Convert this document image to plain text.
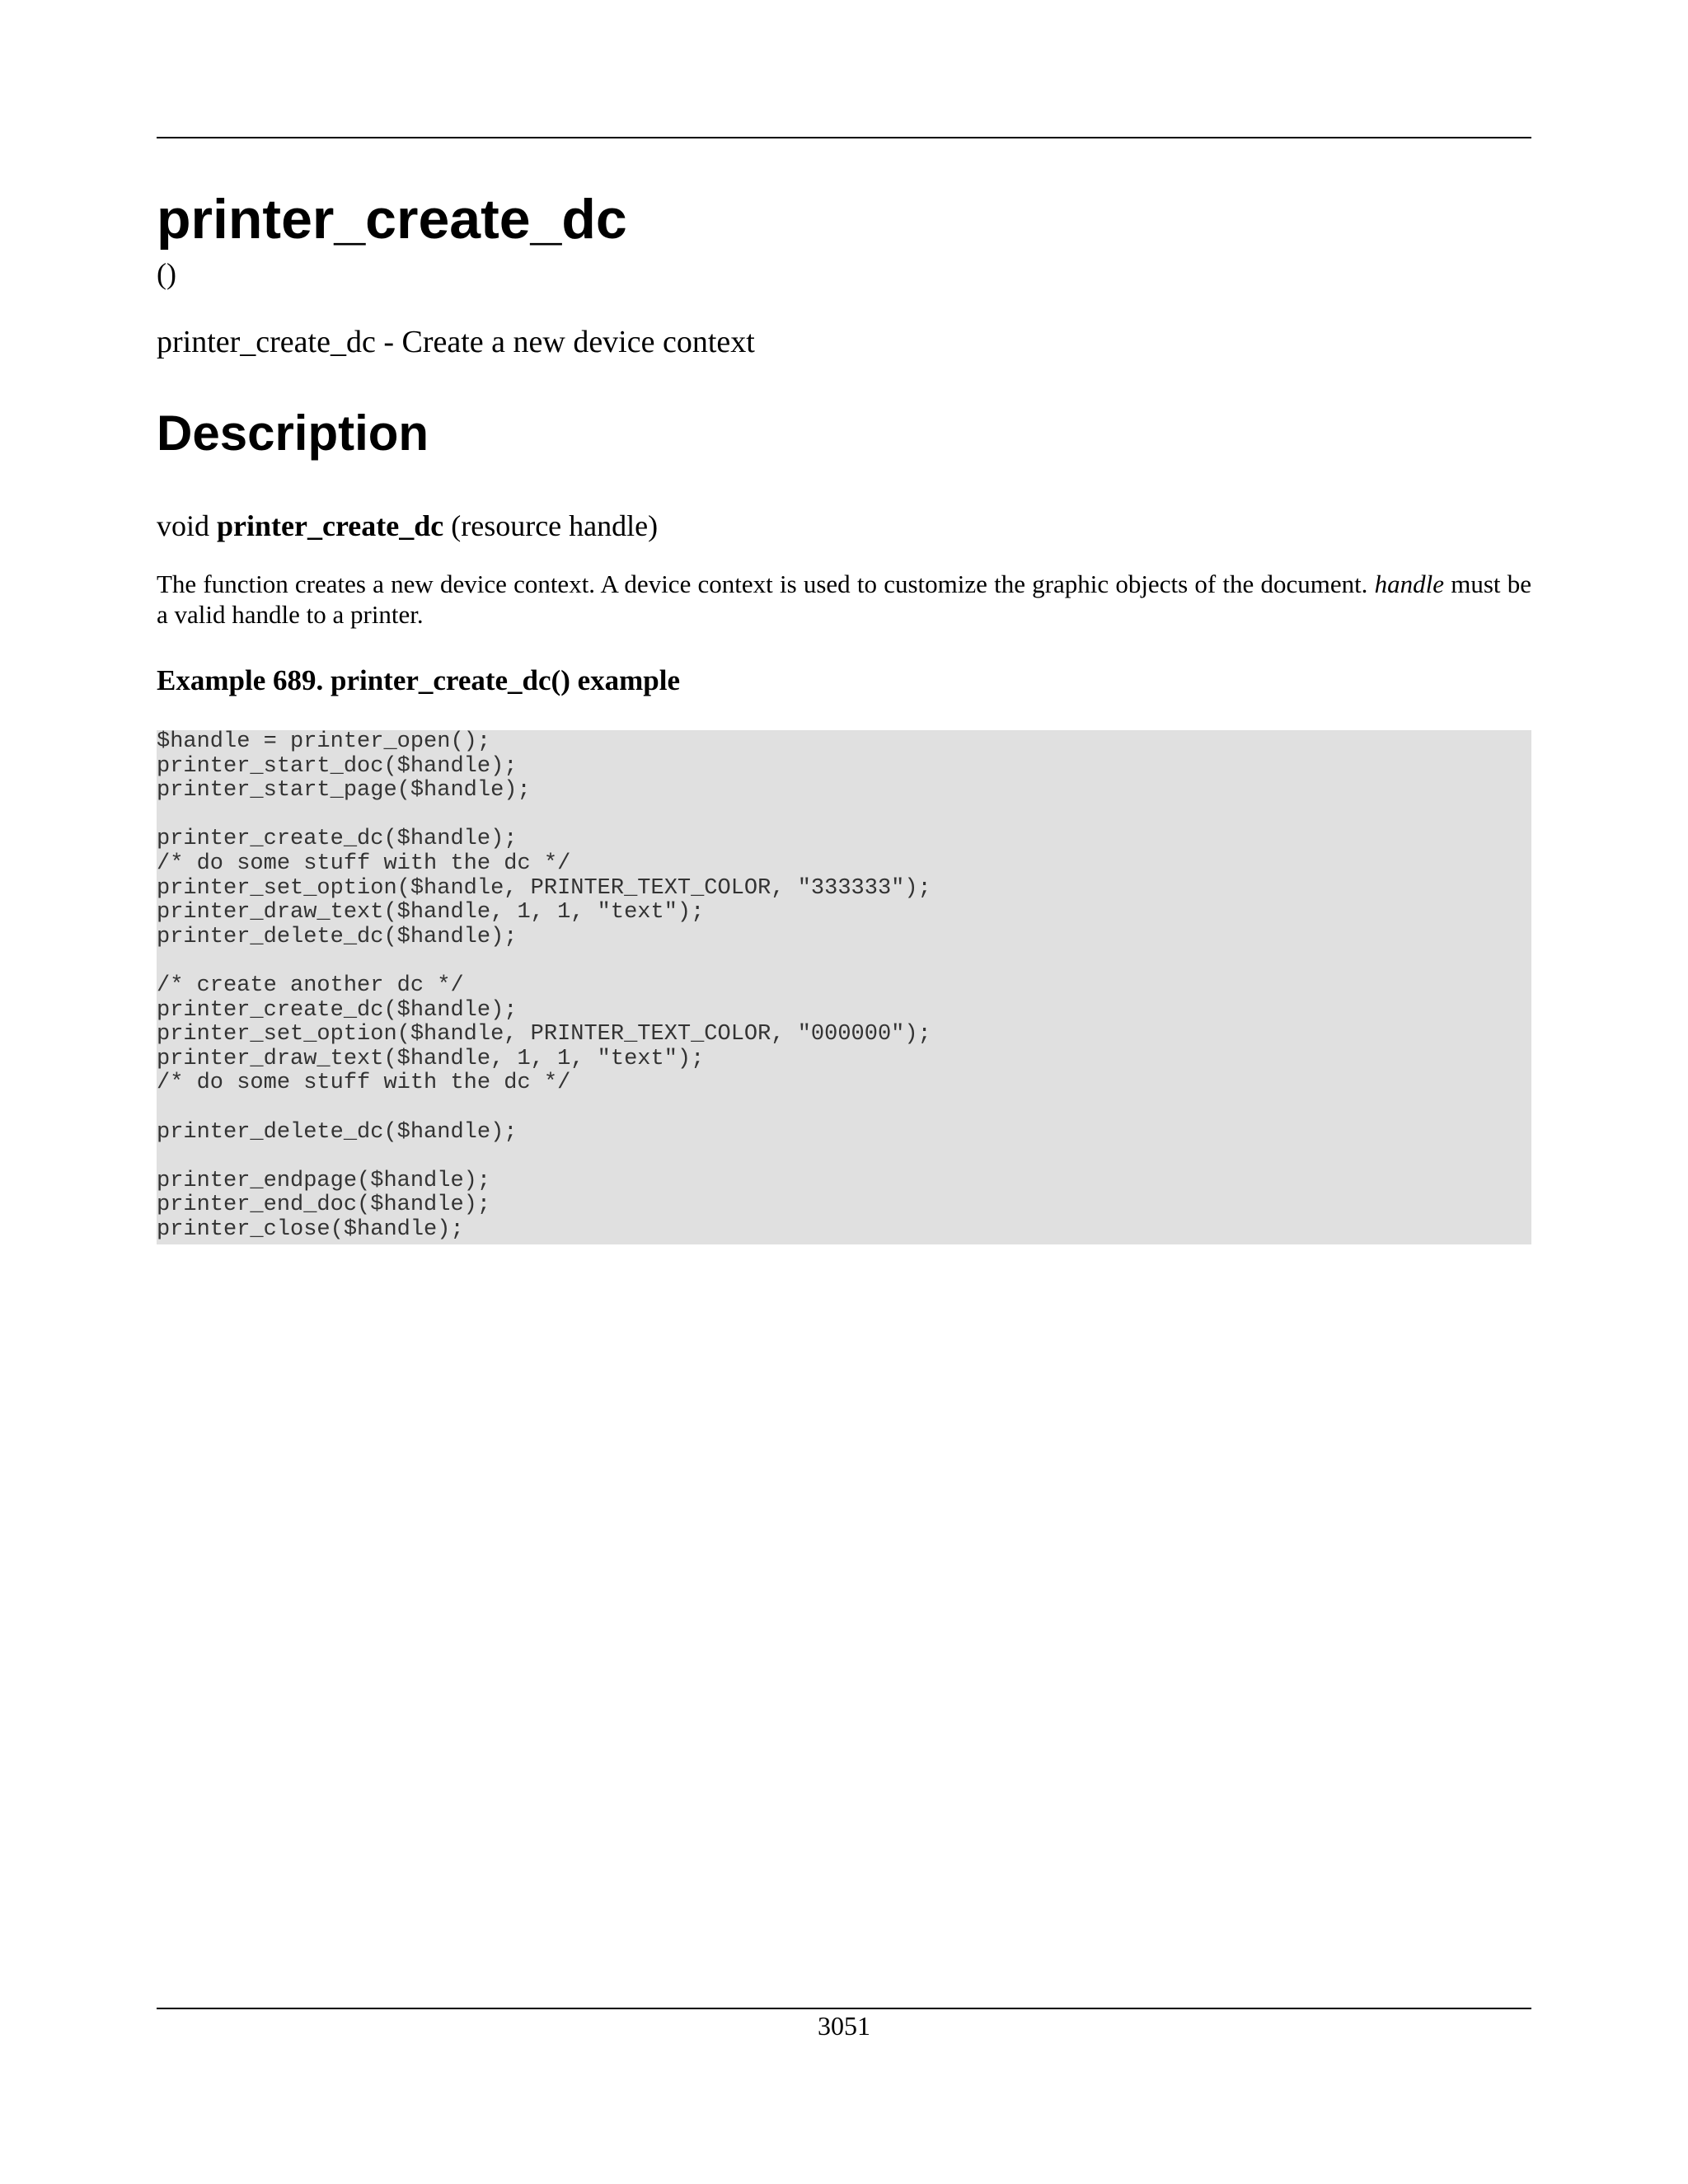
printer_create_dc
()
printer_create_dc - Create a new device context
Description
void printer_create_dc (resource handle)

The function creates a new device context. A device context is used to customize the graphic objects of the document. handle must be a valid handle to a printer.

Example 689. printer_create_dc() example
$handle = printer_open();
printer_start_doc($handle);
printer_start_page($handle);
printer_create_dc($handle);
/* do some stuff with the dc */
printer_set_option($handle, PRINTER_TEXT_COLOR, "333333");
printer_draw_text($handle, 1, 1, "text");
printer_delete_dc($handle);
/* create another dc */
printer_create_dc($handle);
printer_set_option($handle, PRINTER_TEXT_COLOR, "000000");
printer_draw_text($handle, 1, 1, "text");
/* do some stuff with the dc */
printer_delete_dc($handle);
printer_endpage($handle);
printer_end_doc($handle);
printer_close($handle);
3051
